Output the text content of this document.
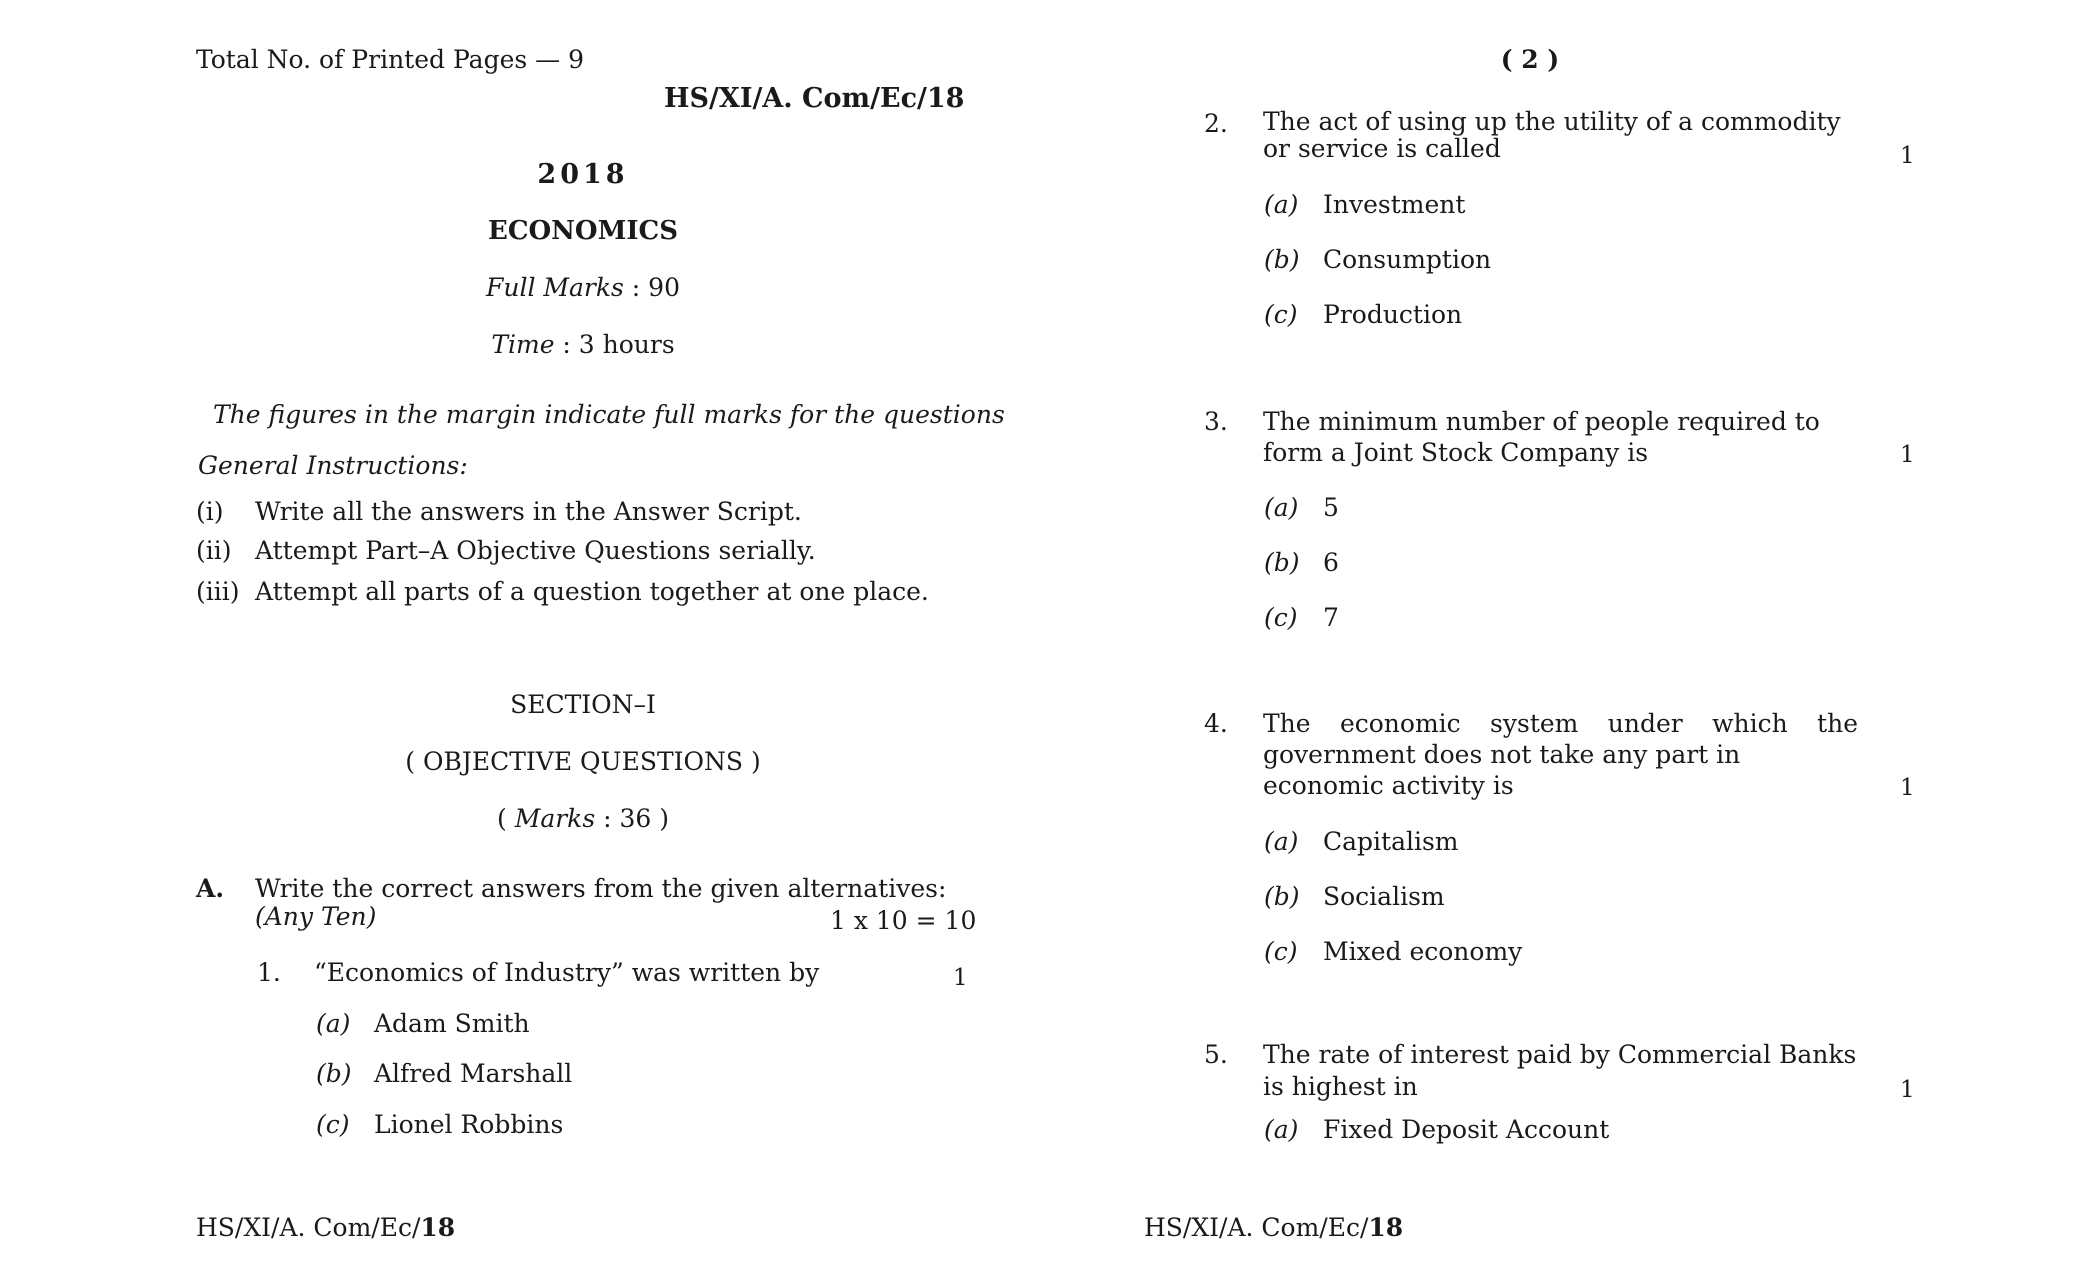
Total No. of Printed Pages — 9
HS/XI/A. Com/Ec/18
2018
ECONOMICS
Full Marks : 90
Time : 3 hours
The figures in the margin indicate full marks for the questions
General Instructions:
(i) Write all the answers in the Answer Script.
(ii) Attempt Part–A Objective Questions serially.
(iii) Attempt all parts of a question together at one place.
SECTION–I
( OBJECTIVE QUESTIONS )
( Marks : 36 )
A. Write the correct answers from the given alternatives:
(Any Ten)	1 x 10 = 10
1. “Economics of Industry” was written by	1
(a) Adam Smith
(b) Alfred Marshall
(c) Lionel Robbins
HS/XI/A. Com/Ec/18
( 2 )
2. The act of using up the utility of a commodity or service is called	1
(a) Investment
(b) Consumption
(c) Production
3. The minimum number of people required to form a Joint Stock Company is	1
(a) 5
(b) 6
(c) 7
4. The economic system under which the
government does not take any part in economic activity is	1
(a) Capitalism
(b) Socialism
(c) Mixed economy
5. The rate of interest paid by Commercial Banks is highest in	1
(a) Fixed Deposit Account
HS/XI/A. Com/Ec/18
